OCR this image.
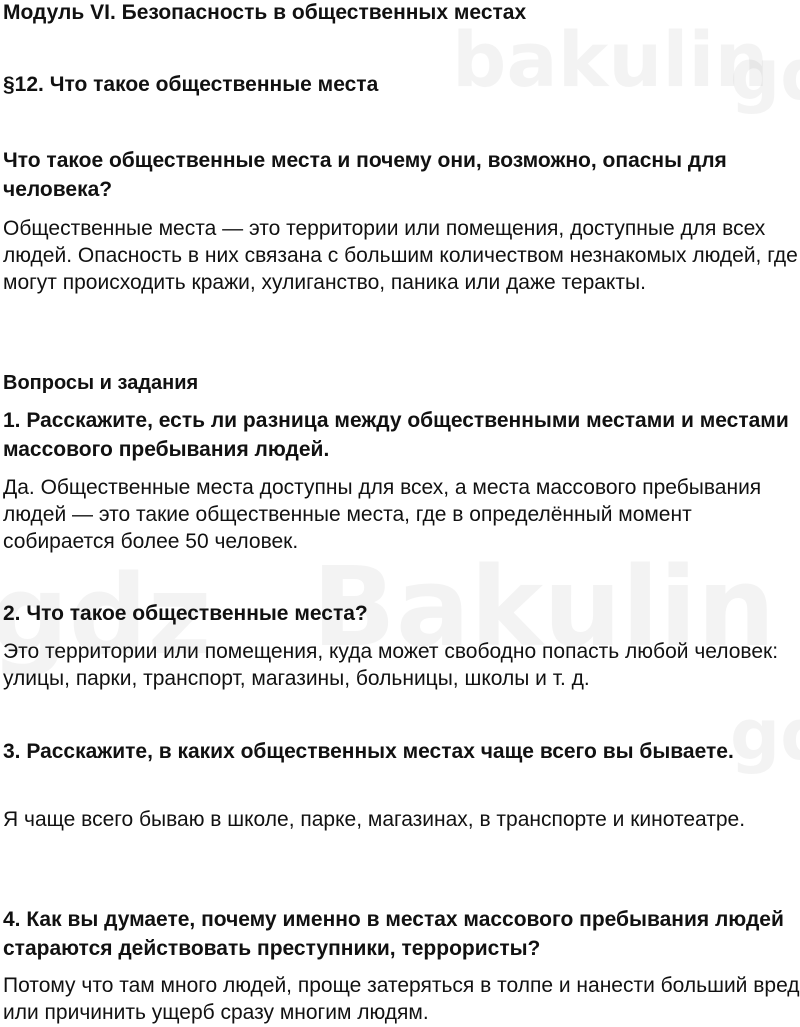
Модуль VI. Безопасность в общественных местах
§12. Что такое общественные места
Что такое общественные места и почему они, возможно, опасны для человека?
Общественные места — это территории или помещения, доступные для всех людей. Опасность в них связана с большим количеством незнакомых людей, где могут происходить кражи, хулиганство, паника или даже теракты.
Вопросы и задания
1. Расскажите, есть ли разница между общественными местами и местами массового пребывания людей.
Да. Общественные места доступны для всех, а места массового пребывания людей — это такие общественные места, где в определённый момент собирается более 50 человек.
2. Что такое общественные места?
Это территории или помещения, куда может свободно попасть любой человек: улицы, парки, транспорт, магазины, больницы, школы и т. д.
3. Расскажите, в каких общественных местах чаще всего вы бываете.
Я чаще всего бываю в школе, парке, магазинах, в транспорте и кинотеатре.
4. Как вы думаете, почему именно в местах массового пребывания людей стараются действовать преступники, террористы?
Потому что там много людей, проще затеряться в толпе и нанести больший вред или причинить ущерб сразу многим людям.
